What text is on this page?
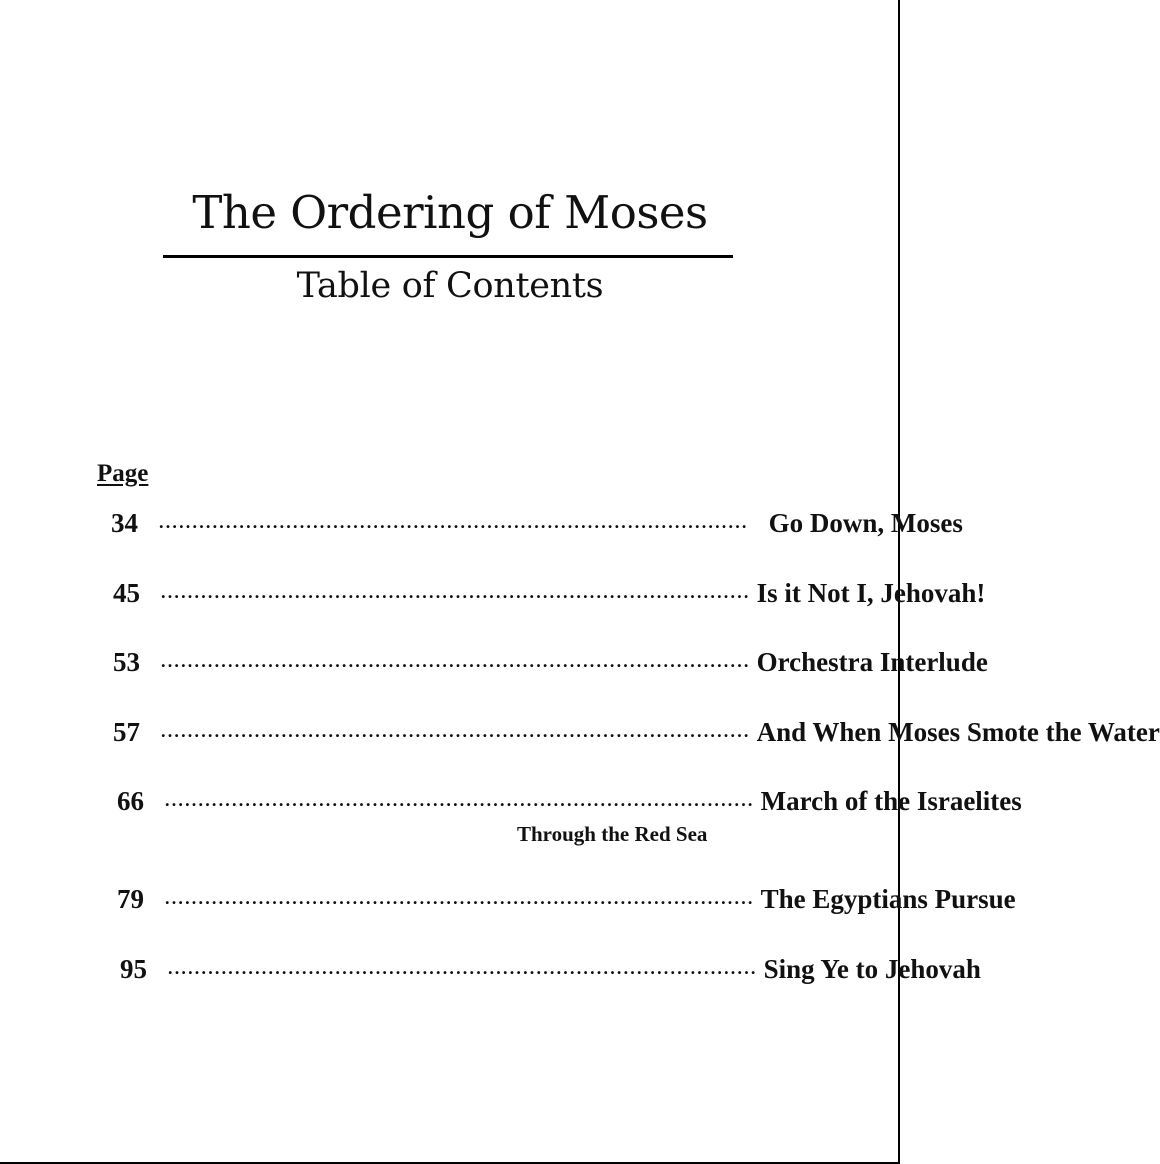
The Ordering of Moses
Table of Contents
Page
34	........................................................................................ Go Down, Moses
45	........................................................................................ Is it Not I, Jehovah!
53	........................................................................................ Orchestra Interlude
57	........................................................................................ And When Moses Smote the Water
66	........................................................................................ March of the Israelites
Through the Red Sea
79	........................................................................................ The Egyptians Pursue
95	........................................................................................ Sing Ye to Jehovah
